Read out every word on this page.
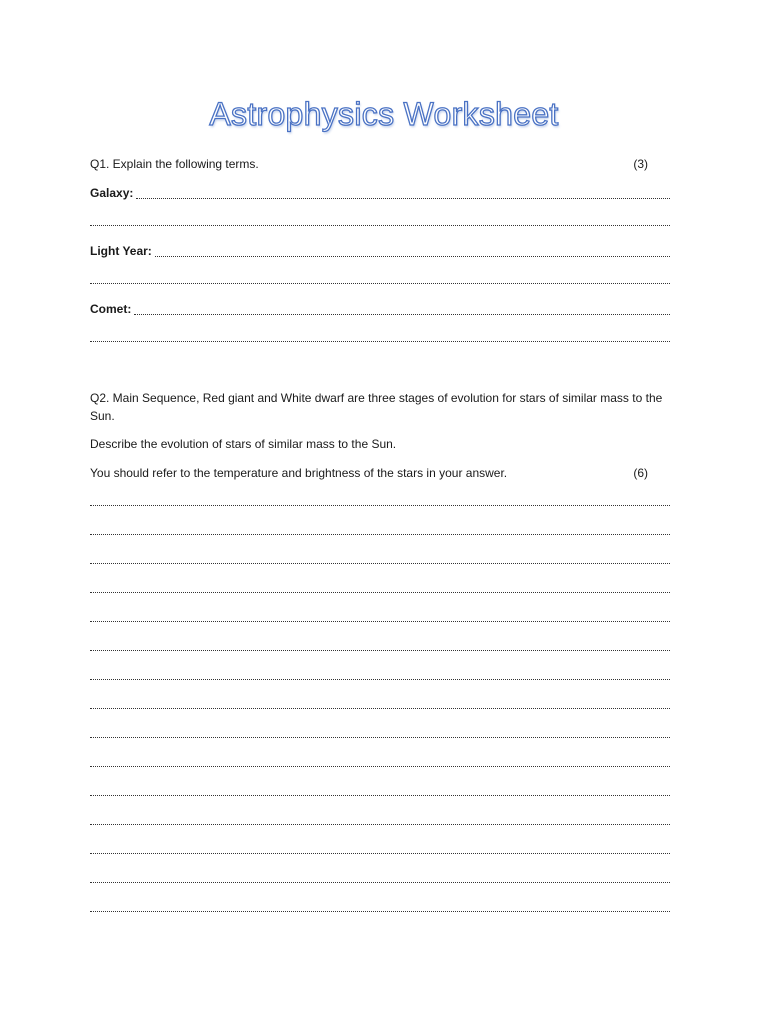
Astrophysics Worksheet
Q1. Explain the following terms.	(3)
Galaxy:
Light Year:
Comet:
Q2. Main Sequence, Red giant and White dwarf are three stages of evolution for stars of similar mass to the Sun.
Describe the evolution of stars of similar mass to the Sun.
You should refer to the temperature and brightness of the stars in your answer.	(6)
